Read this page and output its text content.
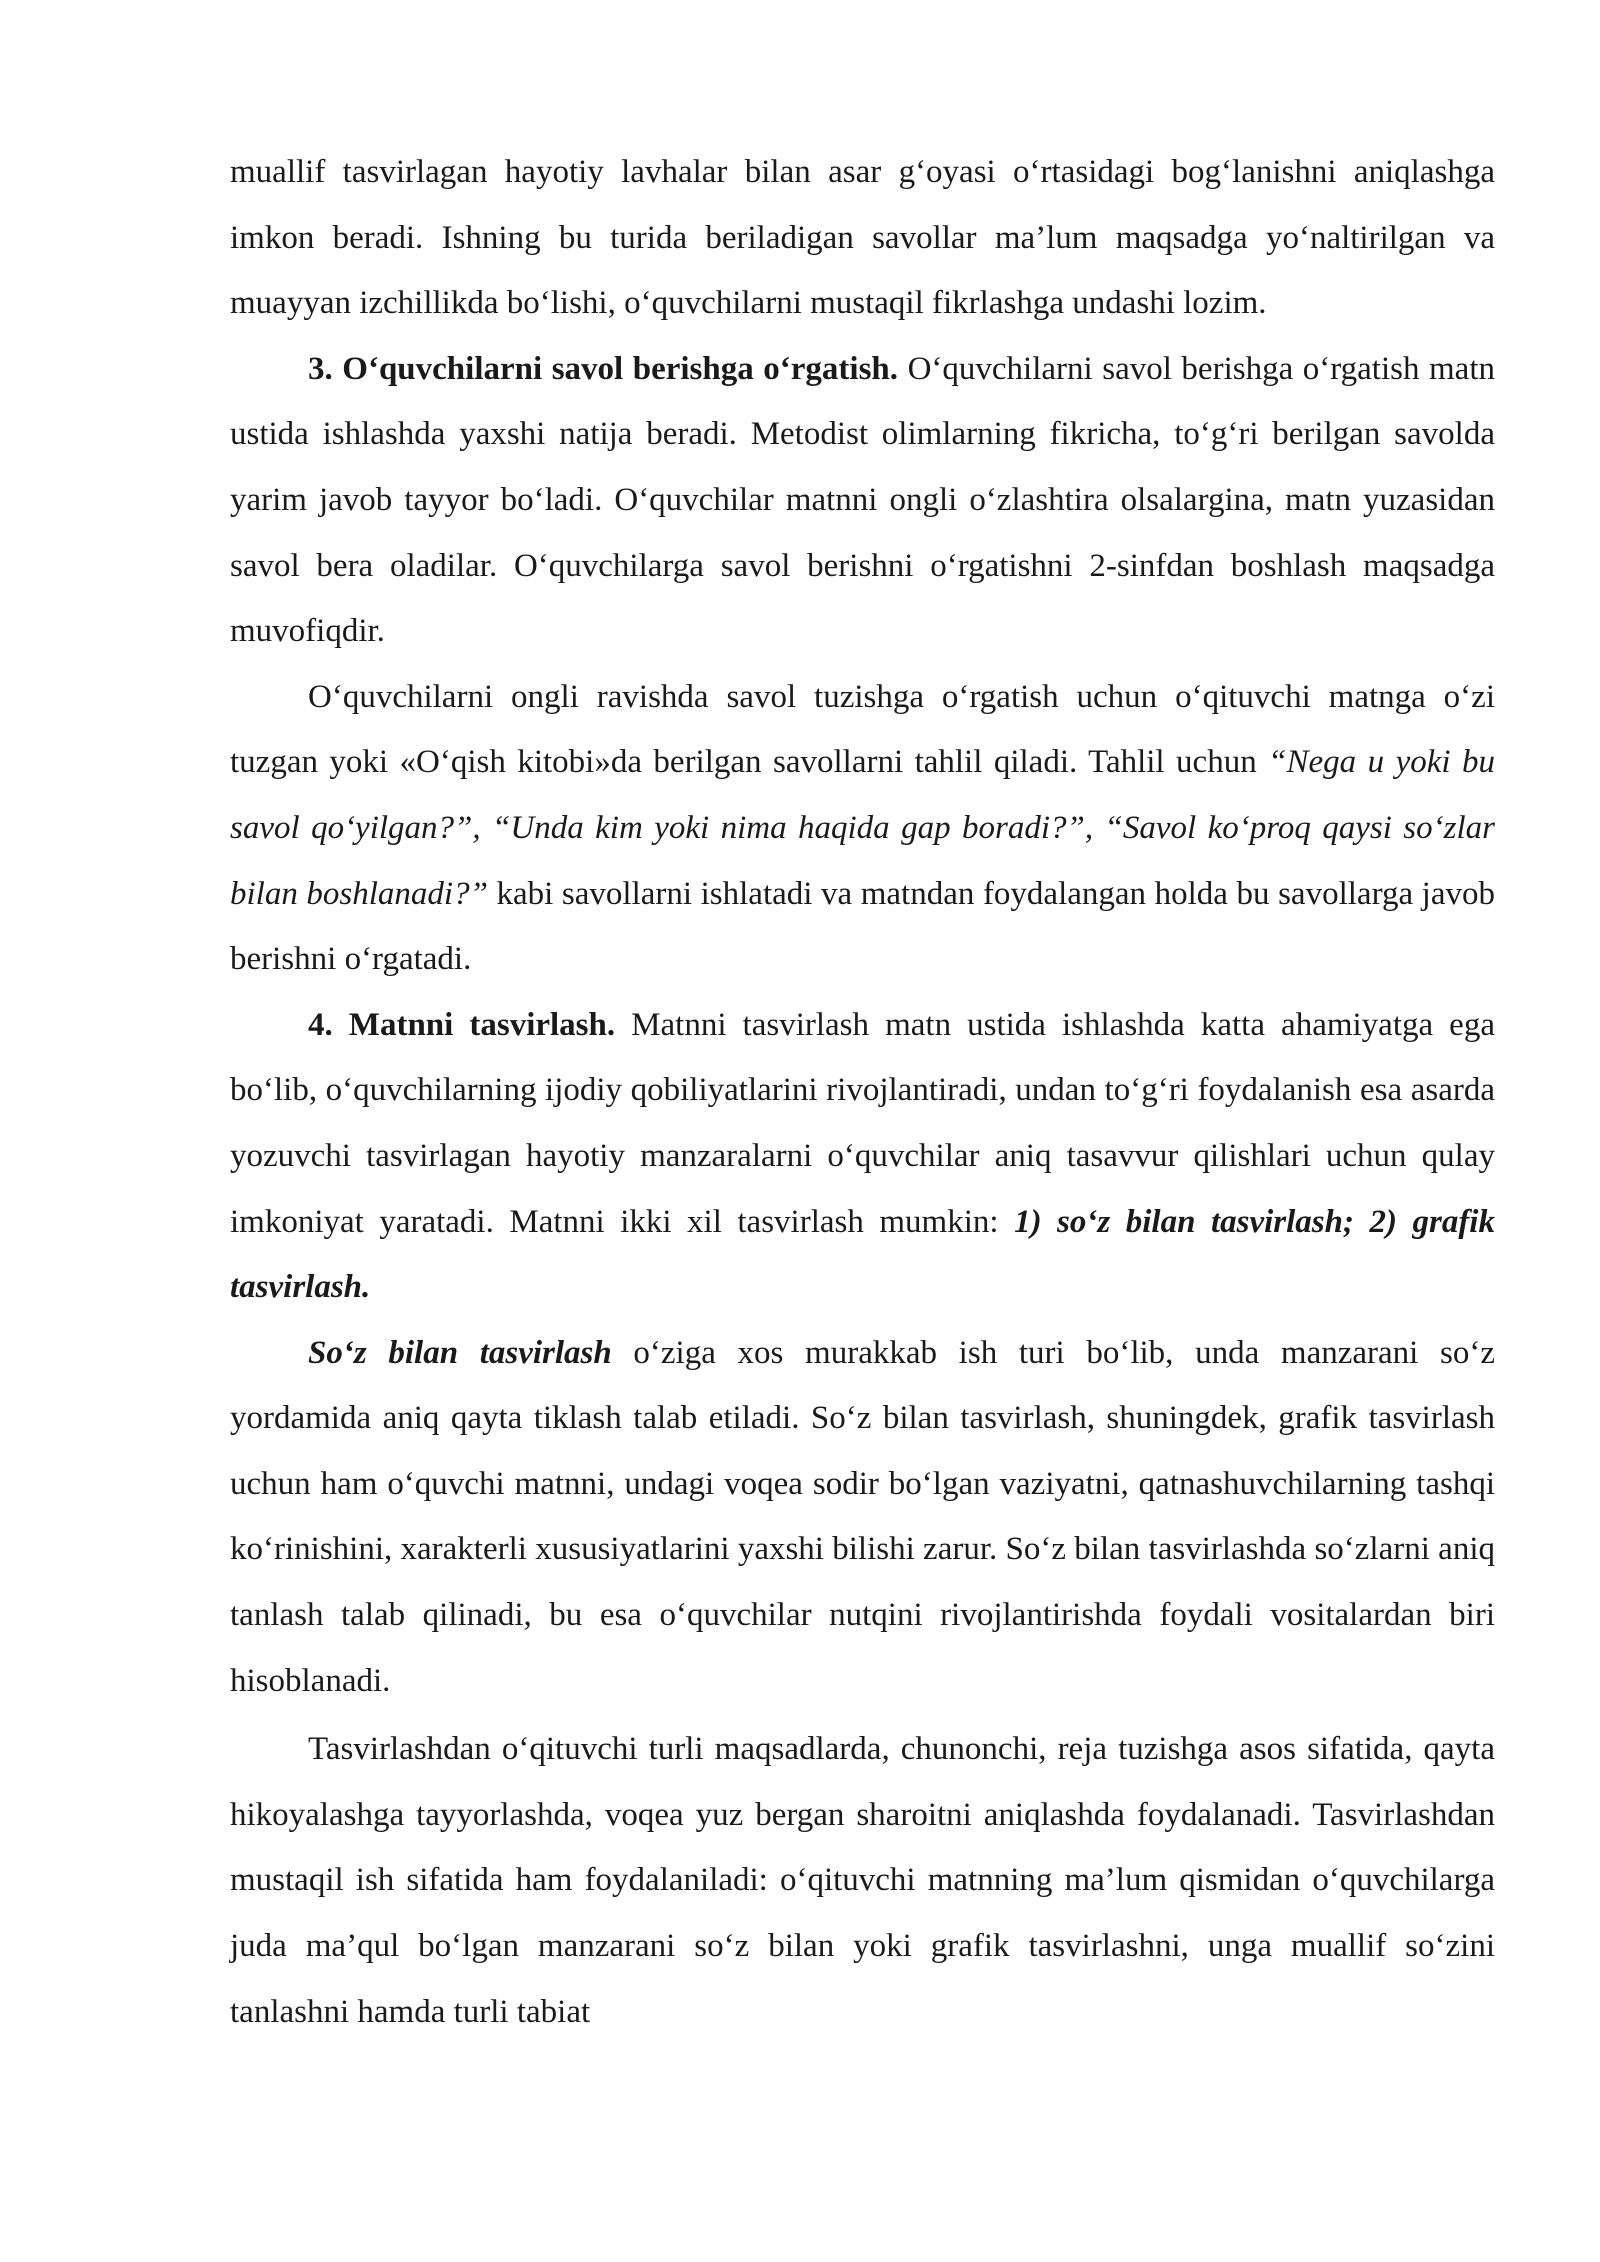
muallif tasvirlagan hayotiy lavhalar bilan asar g‘oyasi o‘rtasidagi bog‘lanishni aniqlashga imkon beradi. Ishning bu turida beriladigan savollar ma’lum maqsadga yo‘naltirilgan va muayyan izchillikda bo‘lishi, o‘quvchilarni mustaqil fikrlashga undashi lozim.

3. O‘quvchilarni savol berishga o‘rgatish. O‘quvchilarni savol berishga o‘rgatish matn ustida ishlashda yaxshi natija beradi. Metodist olimlarning fikricha, to‘g‘ri berilgan savolda yarim javob tayyor bo‘ladi. O‘quvchilar matnni ongli o‘zlashtira olsalargina, matn yuzasidan savol bera oladilar. O‘quvchilarga savol berishni o‘rgatishni 2-sinfdan boshlash maqsadga muvofiqdir.

O‘quvchilarni ongli ravishda savol tuzishga o‘rgatish uchun o‘qituvchi matnga o‘zi tuzgan yoki «O‘qish kitobi»da berilgan savollarni tahlil qiladi. Tahlil uchun “Nega u yoki bu savol qo‘yilgan?”, “Unda kim yoki nima haqida gap boradi?”, “Savol ko‘proq qaysi so‘zlar bilan boshlanadi?” kabi savollarni ishlatadi va matndan foydalangan holda bu savollarga javob berishni o‘rgatadi.

4. Matnni tasvirlash. Matnni tasvirlash matn ustida ishlashda katta ahamiyatga ega bo‘lib, o‘quvchilarning ijodiy qobiliyatlarini rivojlantiradi, undan to‘g‘ri foydalanish esa asarda yozuvchi tasvirlagan hayotiy manzaralarni o‘quvchilar aniq tasavvur qilishlari uchun qulay imkoniyat yaratadi. Matnni ikki xil tasvirlash mumkin: 1) so‘z bilan tasvirlash; 2) grafik tasvirlash.

So‘z bilan tasvirlash o‘ziga xos murakkab ish turi bo‘lib, unda manzarani so‘z yordamida aniq qayta tiklash talab etiladi. So‘z bilan tasvirlash, shuningdek, grafik tasvirlash uchun ham o‘quvchi matnni, undagi voqea sodir bo‘lgan vaziyatni, qatnashuvchilarning tashqi ko‘rinishini, xarakterli xususiyatlarini yaxshi bilishi zarur. So‘z bilan tasvirlashda so‘zlarni aniq tanlash talab qilinadi, bu esa o‘quvchilar nutqini rivojlantirishda foydali vositalardan biri hisoblanadi.

Tasvirlashdan o‘qituvchi turli maqsadlarda, chunonchi, reja tuzishga asos sifatida, qayta hikoyalashga tayyorlashda, voqea yuz bergan sharoitni aniqlashda foydalanadi. Tasvirlashdan mustaqil ish sifatida ham foydalaniladi: o‘qituvchi matnning ma’lum qismidan o‘quvchilarga juda ma’qul bo‘lgan manzarani so‘z bilan yoki grafik tasvirlashni, unga muallif so‘zini tanlashni hamda turli tabiat
